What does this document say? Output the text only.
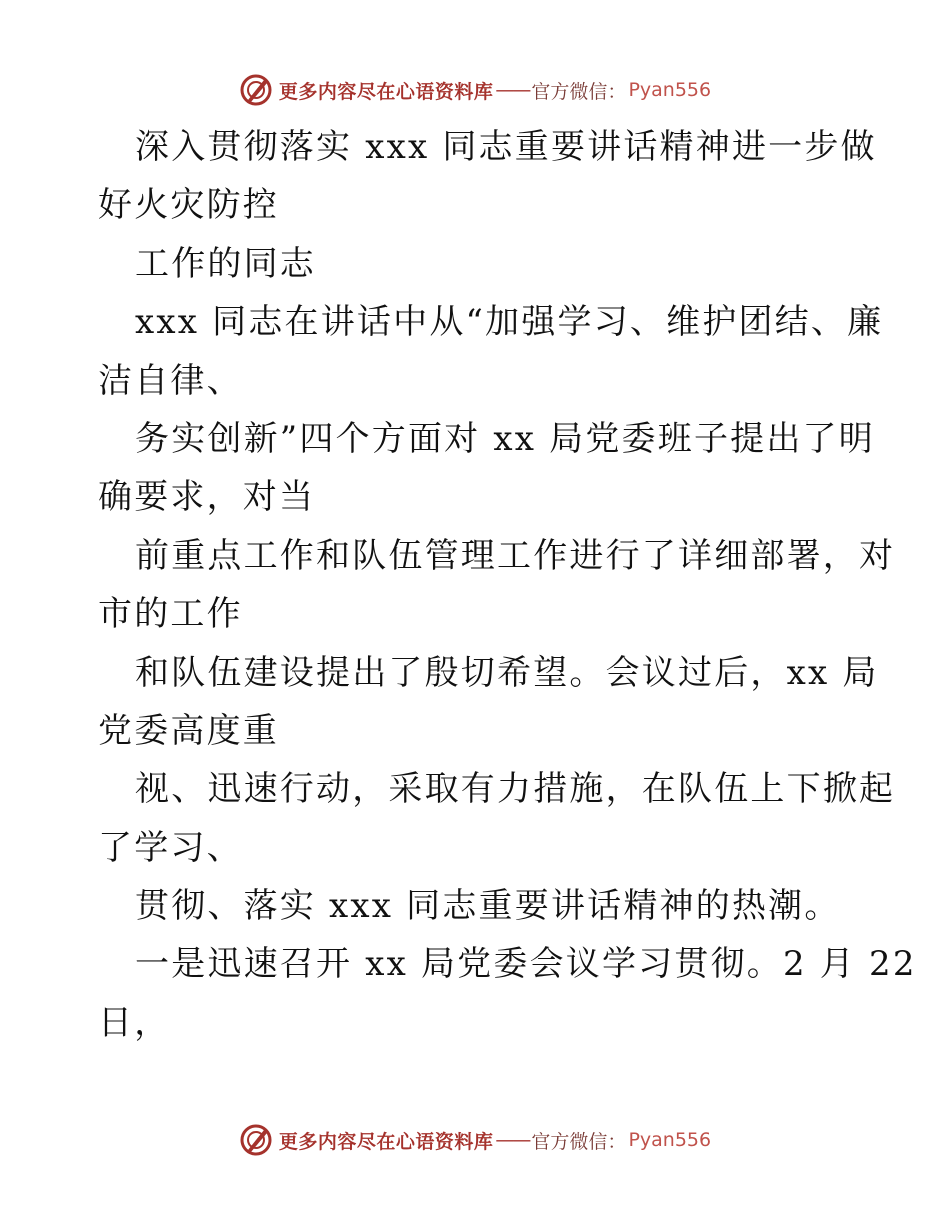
更多内容尽在心语资料库 —— 官方微信： Pyan556
深入贯彻落实 xxx 同志重要讲话精神进一步做
好火灾防控
工作的同志
xxx 同志在讲话中从“加强学习、维护团结、廉
洁自律、
务实创新”四个方面对 xx 局党委班子提出了明
确要求，对当
前重点工作和队伍管理工作进行了详细部署，对
市的工作
和队伍建设提出了殷切希望。会议过后，xx 局
党委高度重
视、迅速行动，采取有力措施，在队伍上下掀起
了学习、
贯彻、落实 xxx 同志重要讲话精神的热潮。
一是迅速召开 xx 局党委会议学习贯彻。2 月 22
日，
更多内容尽在心语资料库 —— 官方微信： Pyan556
